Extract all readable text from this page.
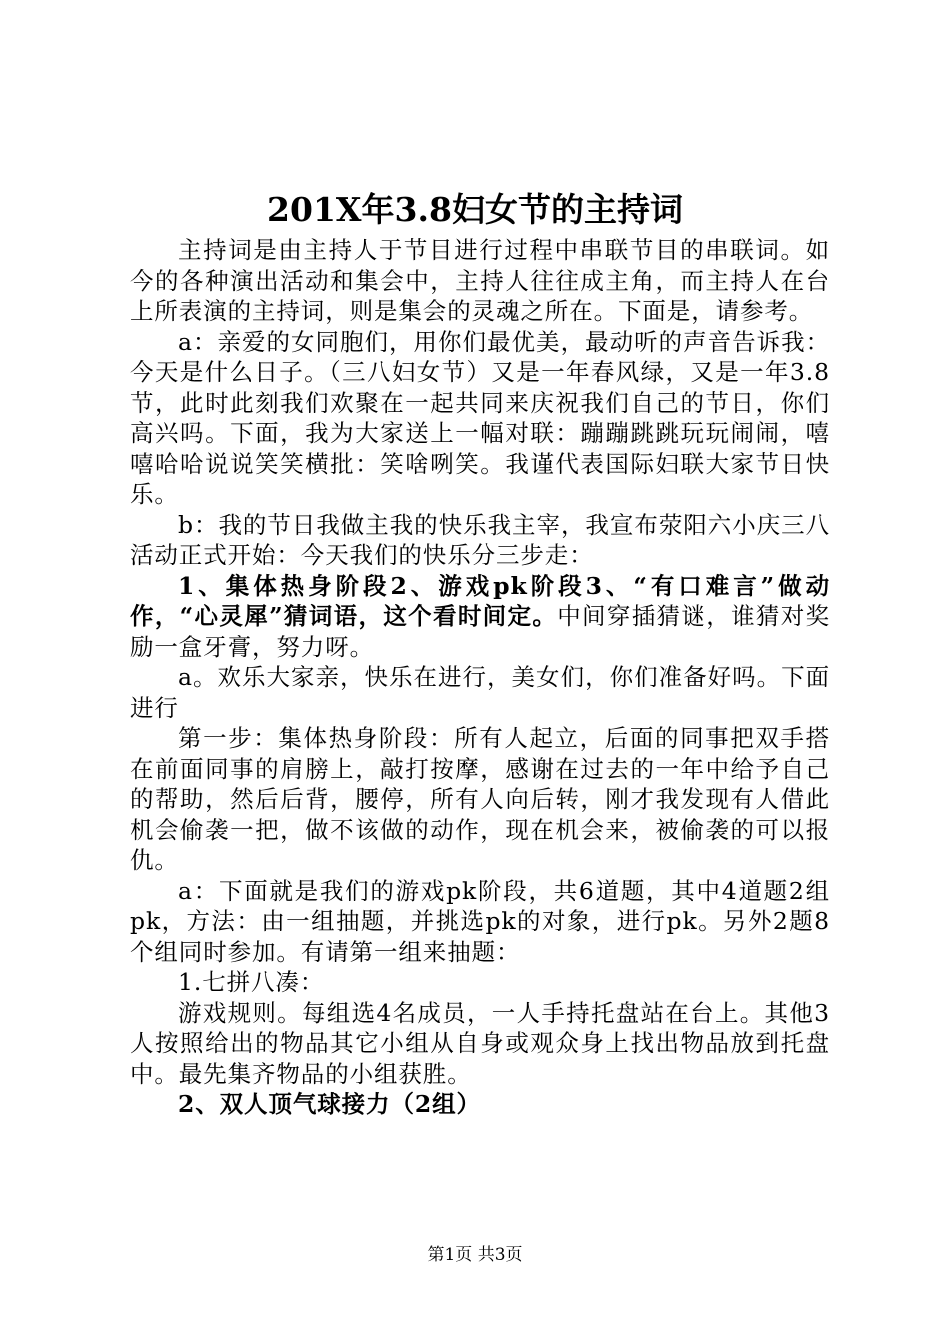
201X年3.8妇女节的主持词

主持词是由主持人于节目进行过程中串联节目的串联词。如今的各种演出活动和集会中，主持人往往成主角，而主持人在台上所表演的主持词，则是集会的灵魂之所在。下面是，请参考。

a：亲爱的女同胞们，用你们最优美，最动听的声音告诉我：今天是什么日子。（三八妇女节）又是一年春风绿，又是一年3.8节，此时此刻我们欢聚在一起共同来庆祝我们自己的节日，你们高兴吗。下面，我为大家送上一幅对联：蹦蹦跳跳玩玩闹闹，嘻嘻哈哈说说笑笑横批：笑啥咧笑。我谨代表国际妇联大家节日快乐。

b：我的节日我做主我的快乐我主宰，我宣布荥阳六小庆三八活动正式开始：今天我们的快乐分三步走：

1、集体热身阶段2、游戏pk阶段3、“有口难言”做动作，“心灵犀”猜词语，这个看时间定。中间穿插猜谜，谁猜对奖励一盒牙膏，努力呀。

a。欢乐大家亲，快乐在进行，美女们，你们准备好吗。下面进行

第一步：集体热身阶段：所有人起立，后面的同事把双手搭在前面同事的肩膀上，敲打按摩，感谢在过去的一年中给予自己的帮助，然后后背，腰停，所有人向后转，刚才我发现有人借此机会偷袭一把，做不该做的动作，现在机会来，被偷袭的可以报仇。

a：下面就是我们的游戏pk阶段，共6道题，其中4道题2组pk，方法：由一组抽题，并挑选pk的对象，进行pk。另外2题8个组同时参加。有请第一组来抽题：

1.七拼八凑：

游戏规则。每组选4名成员，一人手持托盘站在台上。其他3人按照给出的物品其它小组从自身或观众身上找出物品放到托盘中。最先集齐物品的小组获胜。

2、双人顶气球接力（2组）

第1页 共3页
